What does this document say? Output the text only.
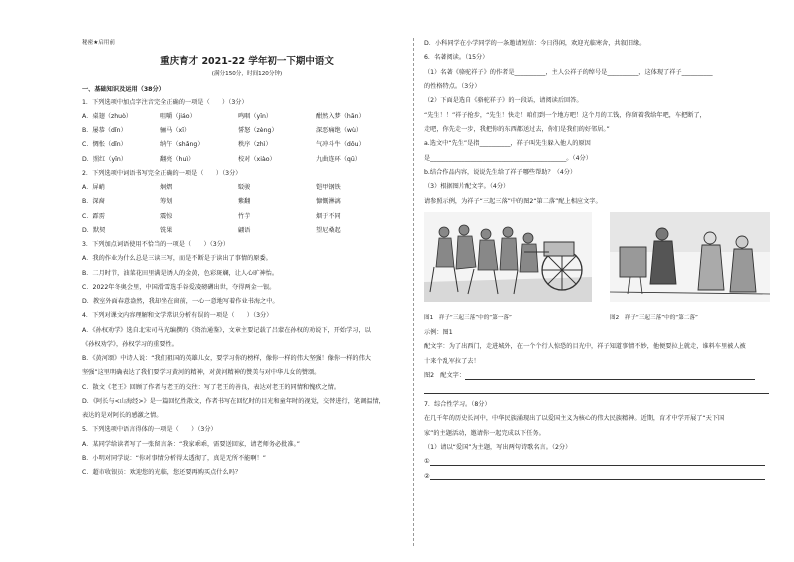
秘密★启用前
重庆育才 2021-22 学年初一下期中语文
(满分150分，时间120分钟)
一、基础知识及运用（38分）
1．下列选项中加点字注音完全正确的一项是（　　）（3分）
A．桌翅（zhuò）	咀嚼（jiáo）	鸣咽（yīn）	酣然入梦（hān）
B．屡恭（dǐn）	骊马（xī）	誓怒（zèng）	深恶痛绝（wù）
C．惆怅（dǐn）	纳午（shǎng）	秩序（zhì）	气冲斗牛（dǒu）
D．照红（yīn）	翻亮（huì）	校对（xiào）	九曲连环（qū）
2．下列选项中词语书写完全正确的一项是（　　）（3分）
A．屏峭	炯熠	駁骏	铠甲钢铁
B．深裔	筹划	紫翻	慷慨淋漓
C．霹雳	震惊	竹芋	烟于不同
D．默契	铣果	翩语	望尼桑起
3．下列加点词语使用不恰当的一项是（　　）（3分）
A．我的作业为什么总是三读三写，而是不断是于读出了事情的原委。
B．二月时节，油菜花田里满是诱人的金黄，色彩斑斓，让人心旷神怡。
C．2022年冬奥会里，中国滑雪选手谷爱凌磅礴出世，夺得两金一银。
D．教室外面春意盎然，我却坐在窗前，一心一意地写着作业书海之中。
4．下列对课文内容理解和文学常识分析有误的一项是（　　）（3分）
A．《孙权劝学》选自北宋司马光编撰的《资治通鉴》，文章主要记载了吕蒙在孙权的劝说下，开始学习，以
《孙权劝学》，孙权学习的重要性。
B．《黄河颂》中诗人说：“我们祖国的英雄儿女，要学习你的榜样，像你一样的伟大坚强！像你一样的伟大
坚强”这里明确表达了我们要学习黄河的精神，对黄河精神的赞美与对中华儿女的赞颂。
C．散文《老王》回顾了作者与老王的交往：写了老王的善良，表达对老王的同情和愧疚之情。
D．《阿长与<山海经>》是一篇回忆性散文，作者书写在回忆时的目光和童年时的视觉，交替进行，笔调温情，
表达的是对阿长的感激之情。
5．下列选项中语言得体的一项是（　　）（3分）
A．某同学给读者写了一张留言条：“我家乖乖，需要送回家，请老师务必批准。”
B．小明对同学说：“你对事情分析得太透彻了，真是无所不能啊！”
C．超市收银员：欢迎您的光临，您还要再购买点什么吗？
D．小科同学在小学同学的一条邀请短信：今日得闲，欢迎光临寒舍，共叙旧缘。
6．名著阅读。（15分）
（1）名著《骆驼祥子》的作者是__________，主人公祥子的绰号是__________，这体现了祥子__________
的性格特点。（3分）
（2）下面是选自《骆驼祥子》的一段话，请阅读后回答。
“先生！！”祥子抢步，“先生！快走！咱们到一个地方吧！这个月的工钱，你留着我给年吧，车把断了，
走吧，你先走一步，我把你的东西都送过去，你们是我们的好邻居。”
a.选文中“先生”是指__________，祥子叫先生躲入他人的原因
是____________________________________________。（4分）
b.结合作品内容，说说先生给了祥子哪些帮助？（4分）
（3）根据图片配文字。（4分）
请参照示例，为祥子“三起三落”中的图2“第二落”配上相应文字。
图1　祥子“三起三落”中的“第一落”	图2　祥子“三起三落”中的“第二落”
示例：图1
配文字：为了出西门，走进城外，在一个个行人惊恐的目光中，祥子知道事情不妙，他便要拉上就走，谁料车里被人被
十来个乱军拉了去！
图2　配文字：
7．综合性学习。（8分）
在几千年的历史长河中，中华民族涌现出了以爱国主义为核心的伟大民族精神。近期，育才中学开展了“天下国
家”的主题活动，邀请你一起完成以下任务。
（1）请以“爱国”为主题，写出两句诗歌名言。（2分）
①
②
